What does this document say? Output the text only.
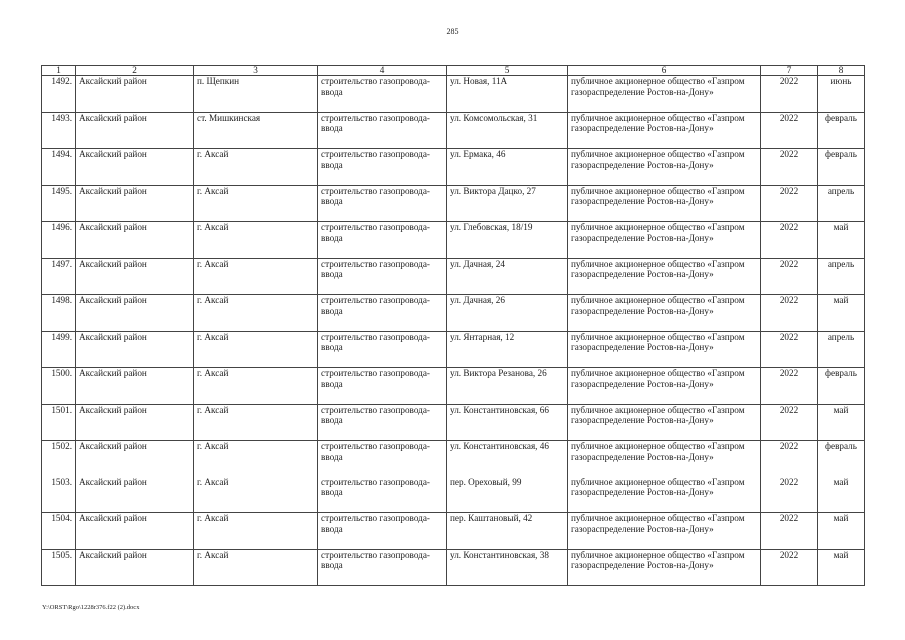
285
1	2	3	4	5	6	7	8
1492.	Аксайский район	п. Щепкин	строительство газопровода-ввода	ул. Новая, 11А	публичное акционерное общество «Газпром газораспределение Ростов-на-Дону»	2022	июнь
1493.	Аксайский район	ст. Мишкинская	строительство газопровода-ввода	ул. Комсомольская, 31	публичное акционерное общество «Газпром газораспределение Ростов-на-Дону»	2022	февраль
1494.	Аксайский район	г. Аксай	строительство газопровода-ввода	ул. Ермака, 46	публичное акционерное общество «Газпром газораспределение Ростов-на-Дону»	2022	февраль
1495.	Аксайский район	г. Аксай	строительство газопровода-ввода	ул. Виктора Дацко, 27	публичное акционерное общество «Газпром газораспределение Ростов-на-Дону»	2022	апрель
1496.	Аксайский район	г. Аксай	строительство газопровода-ввода	ул. Глебовская, 18/19	публичное акционерное общество «Газпром газораспределение Ростов-на-Дону»	2022	май
1497.	Аксайский район	г. Аксай	строительство газопровода-ввода	ул. Дачная, 24	публичное акционерное общество «Газпром газораспределение Ростов-на-Дону»	2022	апрель
1498.	Аксайский район	г. Аксай	строительство газопровода-ввода	ул. Дачная, 26	публичное акционерное общество «Газпром газораспределение Ростов-на-Дону»	2022	май
1499.	Аксайский район	г. Аксай	строительство газопровода-ввода	ул. Янтарная, 12	публичное акционерное общество «Газпром газораспределение Ростов-на-Дону»	2022	апрель
1500.	Аксайский район	г. Аксай	строительство газопровода-ввода	ул. Виктора Резанова, 26	публичное акционерное общество «Газпром газораспределение Ростов-на-Дону»	2022	февраль
1501.	Аксайский район	г. Аксай	строительство газопровода-ввода	ул. Константиновская, 66	публичное акционерное общество «Газпром газораспределение Ростов-на-Дону»	2022	май
1502.	Аксайский район	г. Аксай	строительство газопровода-ввода	ул. Константиновская, 46	публичное акционерное общество «Газпром газораспределение Ростов-на-Дону»	2022	февраль
1503.	Аксайский район	г. Аксай	строительство газопровода-ввода	пер. Ореховый, 99	публичное акционерное общество «Газпром газораспределение Ростов-на-Дону»	2022	май
1504.	Аксайский район	г. Аксай	строительство газопровода-ввода	пер. Каштановый, 42	публичное акционерное общество «Газпром газораспределение Ростов-на-Дону»	2022	май
1505.	Аксайский район	г. Аксай	строительство газопровода-ввода	ул. Константиновская, 38	публичное акционерное общество «Газпром газораспределение Ростов-на-Дону»	2022	май
Y:\ORST\Rgo\1228r376.f22 (2).docx
